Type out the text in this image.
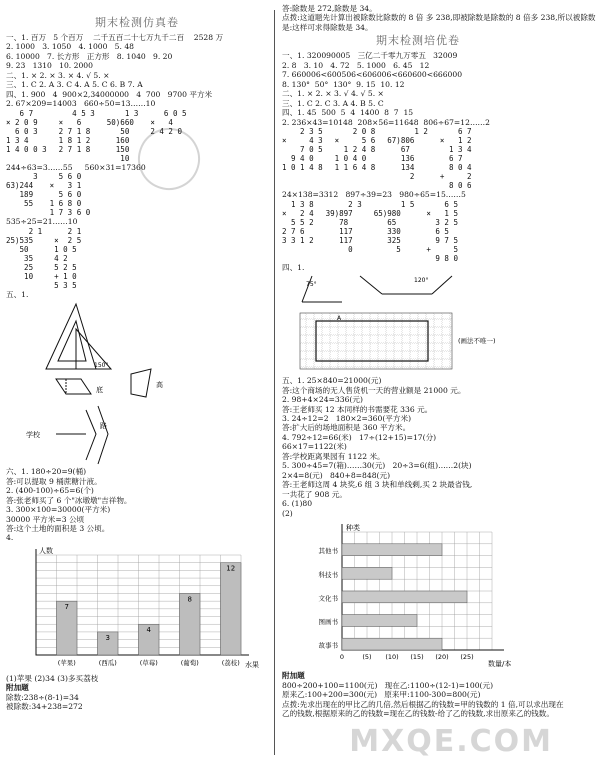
期末检测仿真卷
一、1. 百万   5 个百万    二千五百二十七万九千二百    2528 万
2. 1000   3. 1050   4. 1000   5. 48
6. 10000   7. 长方形   正方形   8. 1040   9. 20
9. 23   1310   10. 2000
二、1. × 2. × 3. × 4. √ 5. ×
三、1. C 2. A 3. C 4. A 5. C 6. B 7. A
四、1. 900   4  900×2,34000000   4  700   9700 平方米
2. 67×209=14003   660÷50=13……10
6 7
× 2 0 9
6 0 3
1 3 4
1 4 0 0 3
4 5 3
×   6
2 7 1 8
1 8 1 2
2 7 1 8
1 3
50)660
50
160
150
10
6 0 5
×   4
2 4 2 0
244÷63=3……55     560×31=17360
3
63)244
189
55
5 6 0
×   3 1
5 6 0
1 6 8 0
1 7 3 6 0
535÷25=21……10
2 1
25)535
50
35
25
10
2 1
×  2 5
1 0 5
4 2
5 2 5
+ 1 0
5 3 5
五、1.
150°
底
高

学校
路
六、1. 180÷20=9(桶)
答:可以提取 9 桶蔗糖汁液。
2. (400-100)÷65=6(个)
答:张老师买了 6 个"冰墩墩"吉祥物。
3. 300×100=30000(平方米)
30000 平方米=3 公顷
答:这个土地的面积是 3 公顷。
4.
人数
水果
7
(苹果)
3
(西瓜)
4
(草莓)
8
(葡萄)
12
(荔枝)
(1)苹果 (2)34 (3)多买荔枝
附加题
除数:238÷(8-1)=34
被除数:34+238=272
答:除数是 272,除数是 34。
点拨:这道题先计算出被除数比除数的 8 倍 多 238,即被除数是除数的 8 倍多 238,所以被除数
是:这样可求得除数是 34。
期末检测培优卷
一、1. 320090005   三亿二千零九万零五   32009
2. 8   3. 10   4. 72   5. 1000   6. 45   12
7. 660006<600506<606006<660600<666000
8. 130°  50°  130°  9. 15  10. 12
二、1. × 2. × 3. √ 4. √ 5. ×
三、1. C 2. C 3. A 4. B 5. C
四、1. 45  500  5  4  1400  8  7  15
2. 236×43=10148  208×56=11648  806÷67=12……2
2 3 5
×     4 3
7 0 5
9 4 0
1 0 1 4 8
2 0 8
×     5 6
1 2 4 8
1 0 4 0
1 1 6 4 8
1 2
67)806
67
136
134
2
6 7
×   1 2
1 3 4
6 7
8 0 4
+     2
8 0 6
24×138=3312   897÷39=23   980÷65=15……5
1 3 8
×   2 4
5 5 2
2 7 6
3 3 1 2
2 3
39)897
78
117
117
0
1 5
65)980
65
330
325
5
6 5
×   1 5
3 2 5
6 5
9 7 5
+     5
9 8 0
四、1.
75°
120°

A
(画法不唯一)
五、1. 25×840=21000(元)
答:这个商场的无人售货机一天的营业额是 21000 元。
2. 98+4×24=336(元)
答:王老师买 12 本同样的书需要花 336 元。
3. 24÷12=2   180×2=360(平方米)
答:扩大后的场地面积是 360 平方米。
4. 792÷12=66(米)   17÷(12+15)=17(分)
66×17=1122(米)
答:学校距离果园有 1122 米。
5. 300÷45=7(箱)……30(元)   20÷3=6(组)……2(块)
2×4=8(元)   840+8=848(元)
答:王老师这周 4 块奖,6 组 3 块和单线剩,买 2 块最省钱,
一共花了 908 元。
6. (1)80
(2)
种类
数量/本
0	(5) (10) (15) (20) (25)
其他书
科技书
文化书
图画书
故事书
附加题
800÷200+100=1100(元)   现在乙:1100÷(12-1)=100(元)
原来乙:100+200=300(元)   原来甲:1100-300=800(元)
点拨:先求出现在的甲比乙的几倍,然后根据乙的钱数=甲的钱数的 1 倍,可以求出现在
乙的钱数,根据原来的乙的钱数=现在乙的钱数-给了乙的钱数,求出原来乙的钱数。
MXQE.COM
